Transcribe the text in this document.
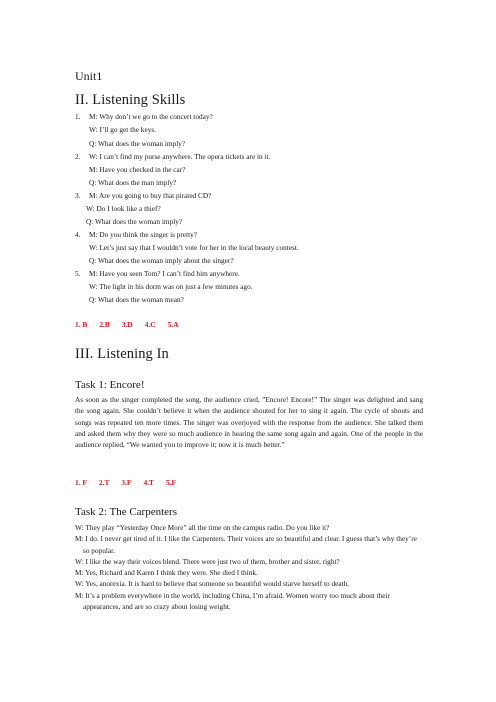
Unit1
II. Listening Skills
1. M: Why don’t we go to the concert today?
W: I’ll go get the keys.
Q: What does the woman imply?
2. W: I can’t find my purse anywhere. The opera tickets are in it.
M: Have you checked in the car?
Q: What does the man imply?
3. M: Are you going to buy that pirated CD?
W: Do I look like a thief?
Q: What does the woman imply?
4. M: Do you think the singer is pretty?
W: Let’s just say that I wouldn’t vote for her in the local beauty contest.
Q: What does the woman imply about the singer?
5. M: Have you seen Tom? I can’t find him anywhere.
W: The light in his dorm was on just a few minutes ago.
Q: What does the woman mean?
1. B 2.B 3.D 4.C 5.A
III. Listening In
Task 1: Encore!
As soon as the singer completed the song, the audience cried, ”Encore! Encore!” The singer was delighted and sang the song again. She couldn’t believe it when the audience shouted for her to sing it again. The cycle of shouts and songs was repeated ten more times. The singer was overjoyed with the response from the audience. She talked them and asked them why they were so much audience in hearing the same song again and again. One of the people in the audience replied, “We wanted you to improve it; now it is much better.”
1. F 2.T 3.F 4.T 5.F
Task 2: The Carpenters
W: They play “Yesterday Once More” all the time on the campus radio. Do you like it?
M: I do. I never get tired of it. I like the Carpenters. Their voices are so beautiful and clear. I guess that’s why they’re so popular.
W: I like the way their voices blend. There were just two of them, brother and sister, right?
M: Yes, Richard and Karen I think they were. She died I think.
W: Yes, anorexia. It is hard to believe that someone so beautiful would starve herself to death.
M: It’s a problem everywhere in the world, including China, I’m afraid. Women worry too much about their appearances, and are so crazy about losing weight.
